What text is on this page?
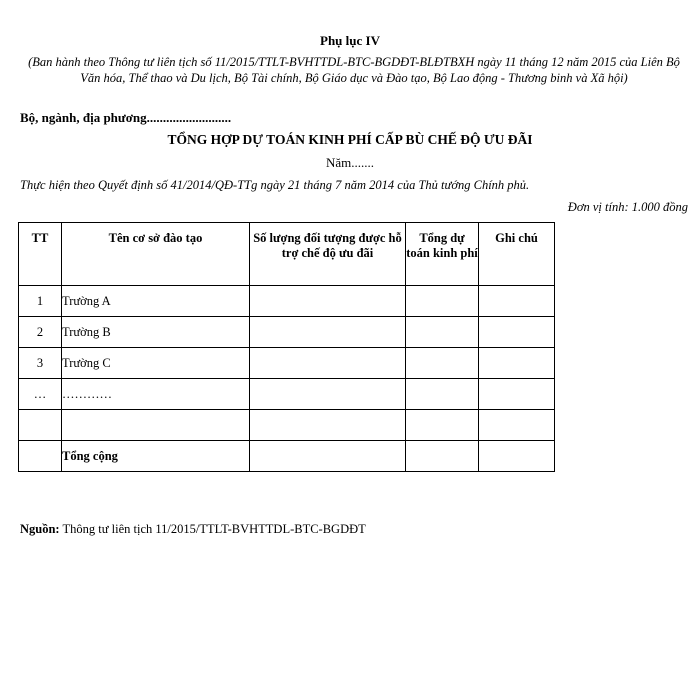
Phụ lục IV
(Ban hành theo Thông tư liên tịch số 11/2015/TTLT-BVHTTDL-BTC-BGDĐT-BLĐTBXH ngày 11 tháng 12 năm 2015 của Liên Bộ Văn hóa, Thể thao và Du lịch, Bộ Tài chính, Bộ Giáo dục và Đào tạo, Bộ Lao động - Thương binh và Xã hội)
Bộ, ngành, địa phương..........................
TỔNG HỢP DỰ TOÁN KINH PHÍ CẤP BÙ CHẾ ĐỘ ƯU ĐÃI
Năm.......
Thực hiện theo Quyết định số 41/2014/QĐ-TTg ngày 21 tháng 7 năm 2014 của Thủ tướng Chính phủ.
Đơn vị tính: 1.000 đồng
TT	Tên cơ sở đào tạo	Số lượng đối tượng được hỗ trợ chế độ ưu đãi	Tổng dự toán kinh phí	Ghi chú
1	Trường A			
2	Trường B			
3	Trường C			
…	…………			

	Tổng cộng			
Nguồn: Thông tư liên tịch 11/2015/TTLT-BVHTTDL-BTC-BGDĐT
